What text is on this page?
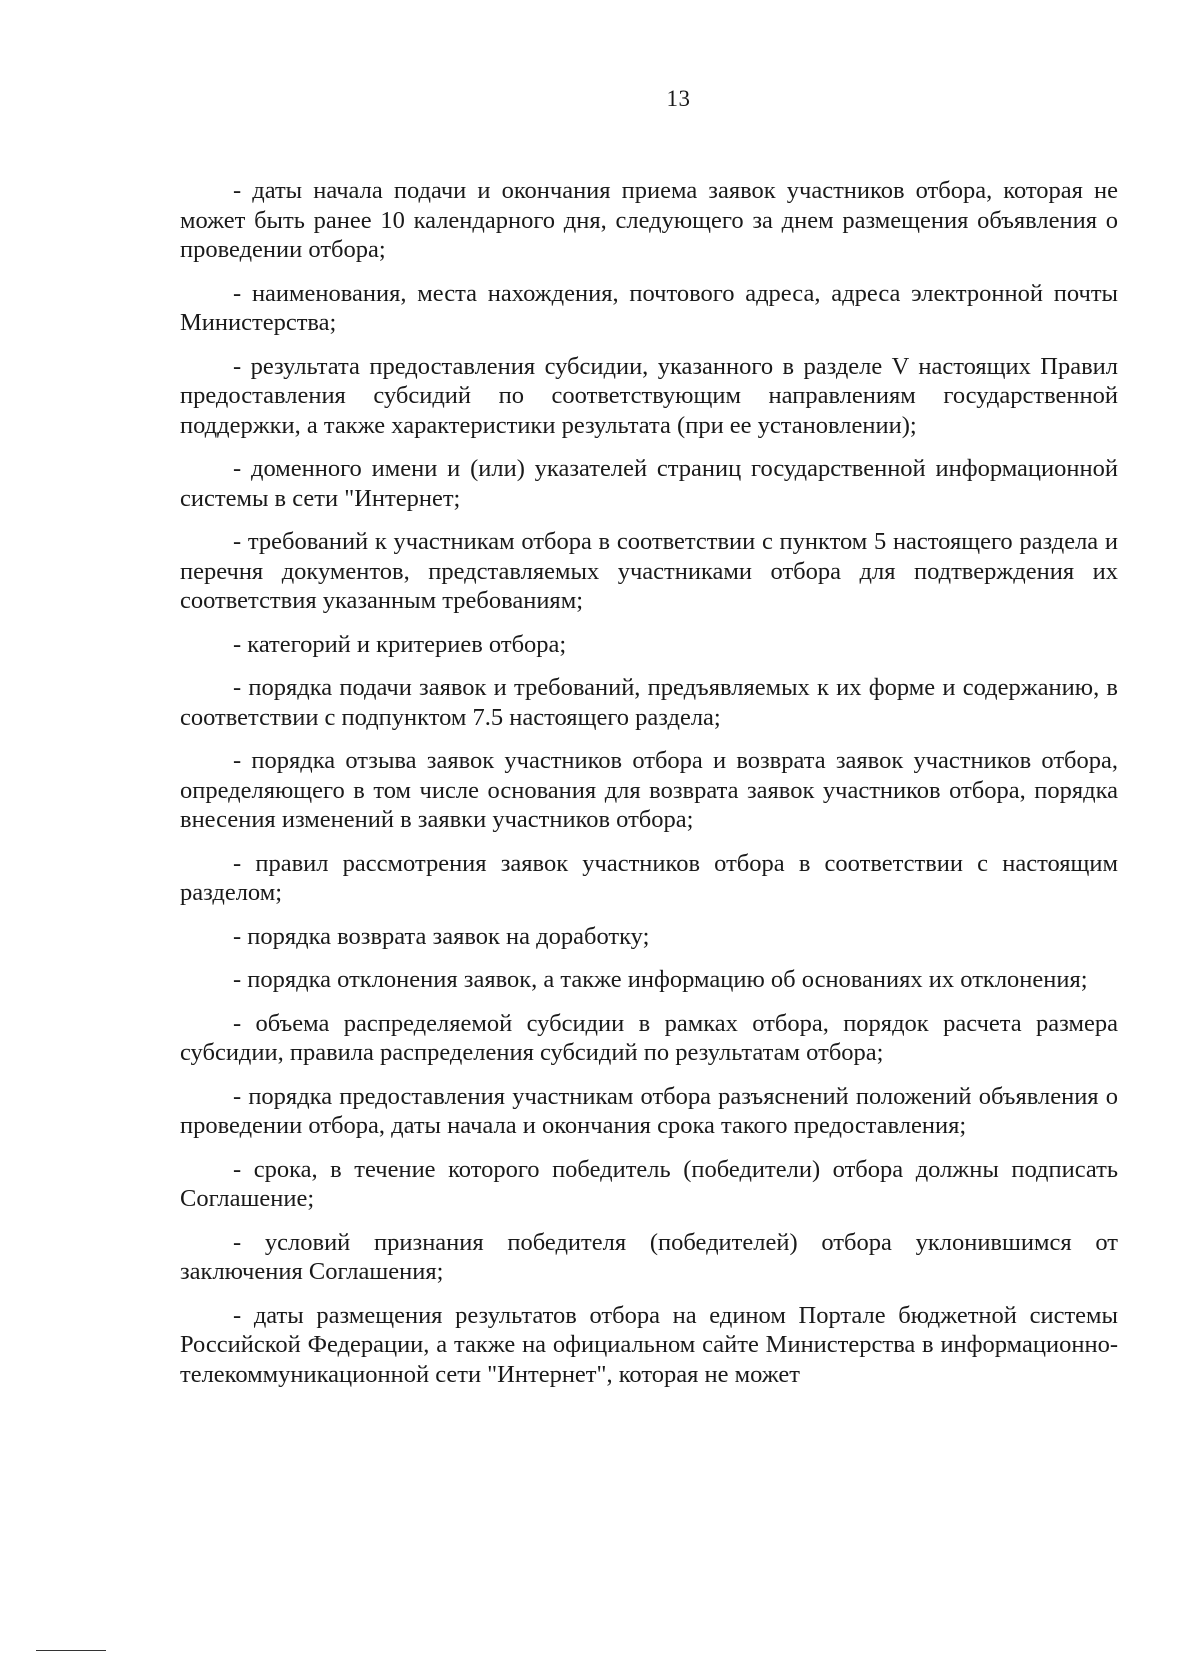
13

- даты начала подачи и окончания приема заявок участников отбора, которая не может быть ранее 10 календарного дня, следующего за днем размещения объявления о проведении отбора;

- наименования, места нахождения, почтового адреса, адреса электронной почты Министерства;

- результата предоставления субсидии, указанного в разделе V настоящих Правил предоставления субсидий по соответствующим направлениям государственной поддержки, а также характеристики результата (при ее установлении);

- доменного имени и (или) указателей страниц государственной информационной системы в сети "Интернет;

- требований к участникам отбора в соответствии с пунктом 5 настоящего раздела и перечня документов, представляемых участниками отбора для подтверждения их соответствия указанным требованиям;

- категорий и критериев отбора;

- порядка подачи заявок и требований, предъявляемых к их форме и содержанию, в соответствии с подпунктом 7.5 настоящего раздела;

- порядка отзыва заявок участников отбора и возврата заявок участников отбора, определяющего в том числе основания для возврата заявок участников отбора, порядка внесения изменений в заявки участников отбора;

- правил рассмотрения заявок участников отбора в соответствии с настоящим разделом;

- порядка возврата заявок на доработку;

- порядка отклонения заявок, а также информацию об основаниях их отклонения;

- объема распределяемой субсидии в рамках отбора, порядок расчета размера субсидии, правила распределения субсидий по результатам отбора;

- порядка предоставления участникам отбора разъяснений положений объявления о проведении отбора, даты начала и окончания срока такого предоставления;

- срока, в течение которого победитель (победители) отбора должны подписать Соглашение;

- условий признания победителя (победителей) отбора уклонившимся от заключения Соглашения;

- даты размещения результатов отбора на едином Портале бюджетной системы Российской Федерации, а также на официальном сайте Министерства в информационно-телекоммуникационной сети "Интернет", которая не может
